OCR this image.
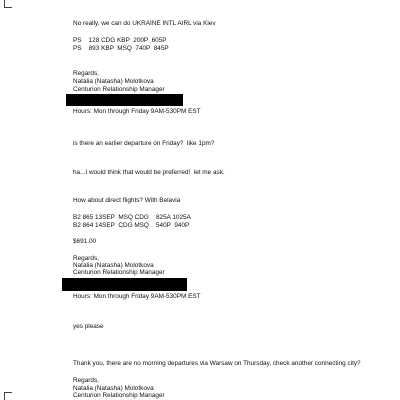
No really, we can do UKRAINE INTL AIRL via Kiev
PS    128 CDG KBP  200P  605P
PS    893 KBP  MSQ  740P  845P
Regards,
Natalia (Natasha) Molotkova
Centurion Relationship Manager
Hours: Mon through Friday 9AM-530PM EST
is there an earlier departure on Friday?  like 1pm?
ha...I would think that would be preferred!  let me ask.
How about direct flights? With Belavia
B2 865 13SEP  MSQ CDG    825A 1025A
B2 864 14SEP  CDG MSQ    540P  940P
$691.00
Regards,
Natalia (Natasha) Molotkova
Centurion Relationship Manager
Hours: Mon through Friday 9AM-530PM EST
yes please
Thank you, there are no morning departures via Warsaw on Thursday, check another connecting city?
Regards,
Natalia (Natasha) Molotkova
Centurion Relationship Manager
